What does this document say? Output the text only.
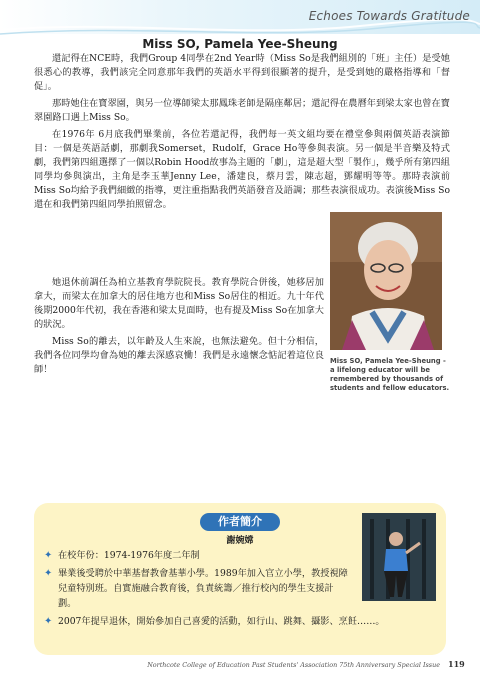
Echoes Towards Gratitude
Miss SO, Pamela Yee-Sheung

還記得在NCE時，我們Group 4同學在2nd Year時（Miss So是我們組別的「班」主任）是受她很悉心的教導，我們該完全同意那年我們的英語水平得到很顯著的提升，是受到她的嚴格指導和「督促」。

那時她住在寶翠園，與另一位導師梁太那鳳珠老師是隔座鄰居；還記得在農曆年到梁太家也曾在寶翠園路口遇上Miss So。

在1976年 6月底我們畢業前，各位若還記得，我們每一英文組均要在禮堂參與兩個英語表演節目：一個是英語話劇，那劇我Somerset，Rudolf，Grace Ho等參與表演。另一個是半音樂及特式劇，我們第四組選擇了一個以Robin Hood故事為主題的「劇」，這是超大型「製作」，幾乎所有第四組同學均參與演出，主角是李玉華Jenny Lee，潘建良，蔡月雲，陳志超，鄧耀明等等。那時表演前Miss So均給予我們細緻的指導，更注重指點我們英語發音及語調；那些表演很成功。表演後Miss So還在和我們第四組同學拍照留念。

她退休前調任為柏立基教育學院院長。教育學院合併後，她移居加拿大，而梁太在加拿大的居住地方也和Miss So居住的相近。九十年代後期2000年代初，我在香港和梁太見面時，也有提及Miss So在加拿大的狀況。

Miss So的離去，以年齡及人生來說，也無法避免。但十分相信，我們各位同學均會為她的離去深感哀慟！我們是永遠懷念惦記着這位良師！

Miss SO, Pamela Yee-Sheung - a lifelong educator will be remembered by thousands of students and fellow educators.
作者簡介
謝婉嫦
✦ 在校年份：1974-1976年度二年制
✦ 畢業後受聘於中華基督教會基華小學。1989年加入官立小學，教授視障兒童特別班。自實施融合教育後，負責統籌／推行校內的學生支援計劃。
✦ 2007年提早退休，開始參加自己喜愛的活動，如行山、跳舞、攝影、烹飪……。
Northcote College of Education Past Students' Association 75th Anniversary Special Issue 119
